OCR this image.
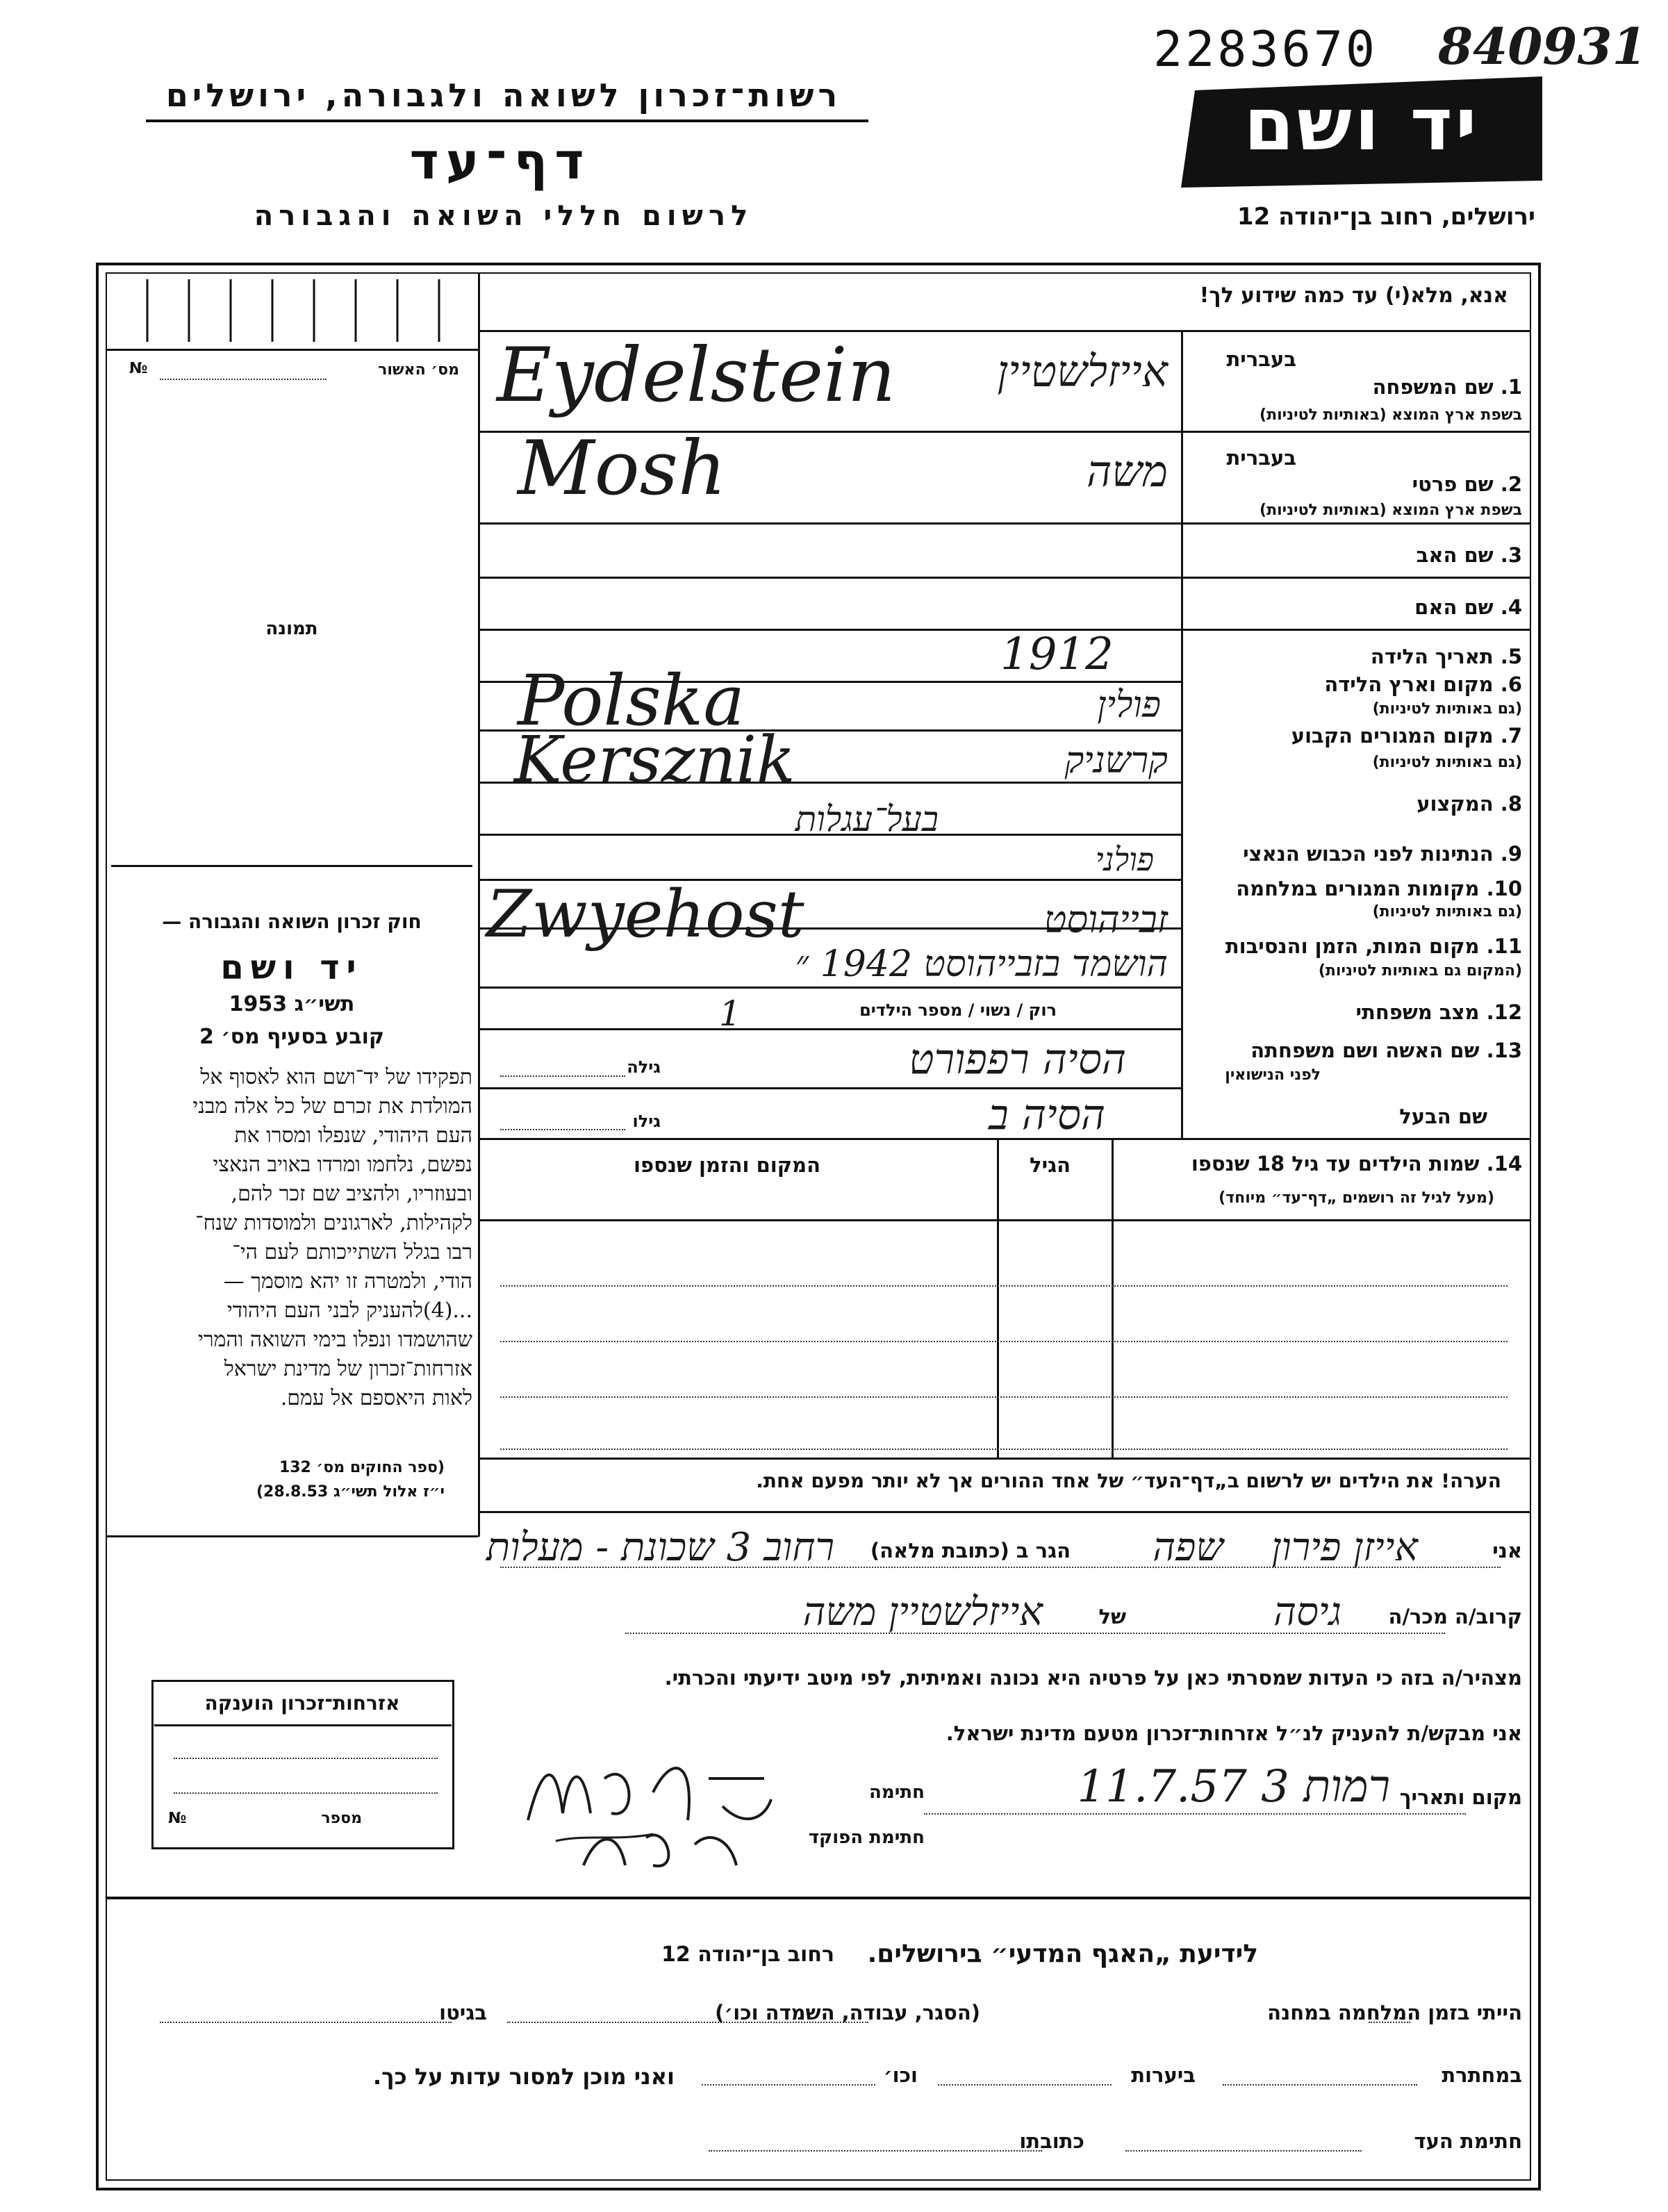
2283670 840931
רשות־זכרון לשואה ולגבורה, ירושלים
דף־עד
לרשום חללי השואה והגבורה
יד ושם
ירושלים, רחוב בן־יהודה 12
אנא, מלא(י) עד כמה שידוע לך!
מס׳ האשור
№
תמונה
חוק זכרון השואה והגבורה —
יד ושם
תשי״ג 1953
קובע בסעיף מס׳ 2
תפקידו של יד־ושם הוא לאסוף אל
המולדת את זכרם של כל אלה מבני
העם היהודי, שנפלו ומסרו את
נפשם, נלחמו ומרדו באויב הנאצי
ובעוזריו, ולהציב שם זכר להם,
לקהילות, לארגונים ולמוסדות שנח־
רבו בגלל השתייכותם לעם הי־
הודי, ולמטרה זו יהא מוסמך —
...(4)להעניק לבני העם היהודי
שהושמדו ונפלו בימי השואה והמרי
אזרחות־זכרון של מדינת ישראל
לאות היאספם אל עמם.
(ספר החוקים מס׳ 132
י״ז אלול תשי״ג 28.8.53)
בעברית
1. שם המשפחה
בשפת ארץ המוצא (באותיות לטיניות)
Eydelstein אייזלשטיין
בעברית
2. שם פרטי
בשפת ארץ המוצא (באותיות לטיניות)
Mosh	משה
3. שם האב
4. שם האם
5. תאריך הלידה
1912
6. מקום וארץ הלידה
(גם באותיות לטיניות)
Polska	פולין
7. מקום המגורים הקבוע
(גם באותיות לטיניות)
Kersznik	קרשניק
8. המקצוע
בעל־עגלות
9. הנתינות לפני הכבוש הנאצי
פולני
10. מקומות המגורים במלחמה
(גם באותיות לטיניות)
Zwyehost	זבייהוסט
11. מקום המות, הזמן והנסיבות
(המקום גם באותיות לטיניות)
הושמד בזבייהוסט 1942 ״
12. מצב משפחתי
רוק / נשוי / מספר הילדים
1
13. שם האשה ושם משפחתה
לפני הנישואין
גילה	הסיה רפפורט
שם הבעל
גילו	הסיה ב
14. שמות הילדים עד גיל 18 שנספו
(מעל לגיל זה רושמים „דף־עד״ מיוחד)
הגיל
המקום והזמן שנספו
הערה! את הילדים יש לרשום ב„דף־העד״ של אחד ההורים אך לא יותר מפעם אחת.
אני
אייזן פירון
שפה
הגר ב (כתובת מלאה)
רחוב 3 שכונת - מעלות
קרוב/ה מכר/ה
גיסה
של
אייזלשטיין משה
מצהיר/ה בזה כי העדות שמסרתי כאן על פרטיה היא נכונה ואמיתית, לפי מיטב ידיעתי והכרתי.
אני מבקש/ת להעניק לנ״ל אזרחות־זכרון מטעם מדינת ישראל.
מקום ותאריך
רמות 3 11.7.57
חתימה
חתימת הפוקד
אזרחות־זכרון הוענקה
מספר
№
לידיעת „האגף המדעי״ בירושלים.
רחוב בן־יהודה 12
הייתי בזמן המלחמה במחנה
(הסגר, עבודה, השמדה וכו׳)
בגיטו
במחתרת
ביערות
וכו׳
ואני מוכן למסור עדות על כך.
חתימת העד
כתובתו
